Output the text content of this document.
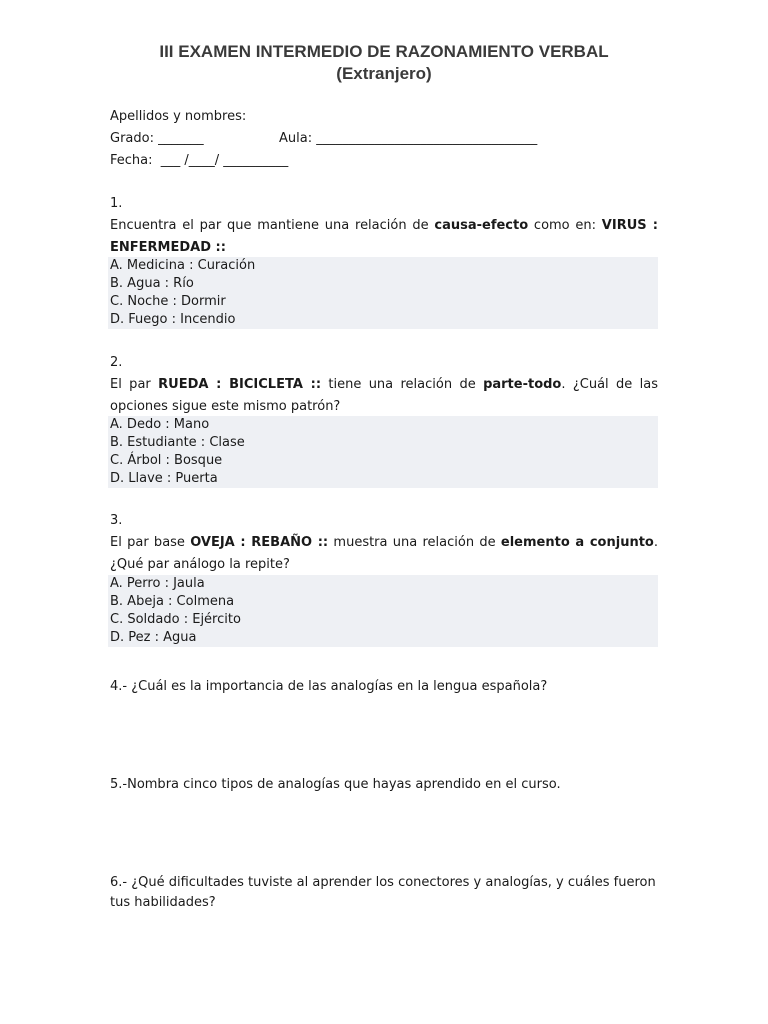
III EXAMEN INTERMEDIO DE RAZONAMIENTO VERBAL
(Extranjero)
Apellidos y nombres:
Grado: _______	Aula: __________________________________
Fecha:  ___ /____/ __________
1.
Encuentra el par que mantiene una relación de causa-efecto como en: VIRUS : ENFERMEDAD ::
A. Medicina : Curación
B. Agua : Río
C. Noche : Dormir
D. Fuego : Incendio
2.
El par RUEDA : BICICLETA :: tiene una relación de parte-todo. ¿Cuál de las opciones sigue este mismo patrón?
A. Dedo : Mano
B. Estudiante : Clase
C. Árbol : Bosque
D. Llave : Puerta
3.
El par base OVEJA : REBAÑO :: muestra una relación de elemento a conjunto. ¿Qué par análogo la repite?
A. Perro : Jaula
B. Abeja : Colmena
C. Soldado : Ejército
D. Pez : Agua
4.- ¿Cuál es la importancia de las analogías en la lengua española?
5.-Nombra cinco tipos de analogías que hayas aprendido en el curso.
6.- ¿Qué dificultades tuviste al aprender los conectores y analogías, y cuáles fueron tus habilidades?
